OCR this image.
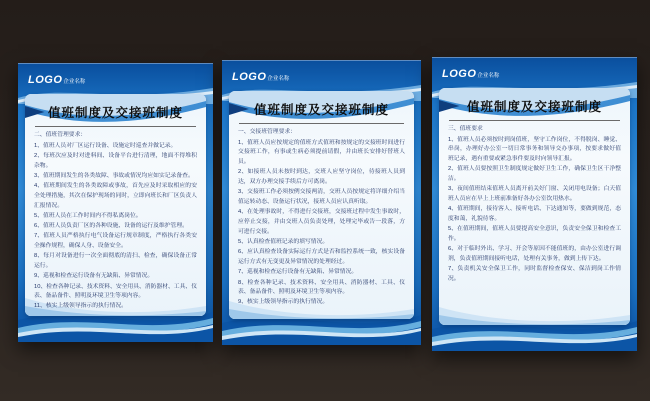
LOGO企业名称
值班制度及交接班制度
二、值班管理要求：
1、值班人员对厂区运行设备、设施定时巡查并做记录。
2、每班次应及时对进料间、设备平台进行清理，地面不得堆积杂物。
3、值班期间发生的各类故障、事故或情况均应如实记录备查。
4、值班期间发生的各类故障或事故，首先应及时采取相应的安全处理措施，其次在保护现场的同时，立即向班长和厂区负责人汇报情况。
5、值班人员在工作时间内不得私离岗位。
6、值班人员负责厂区的各种设施、设备的运行及维护管理。
7、值班人员严格执行电气设备运行规章制度，严格执行各类安全操作规程，确保人身、设备安全。
8、每月对设备进行一次全面彻底的清扫、检查，确保设备正常运行。
9、巡视和检查运行设备有无缺陷、异常情况。
10、检查各种记录、技术资料、安全用具、消防器材、工具、仪表、备品备件、照明及环境卫生等项内容。
11、核实上级领导指示的执行情况。
LOGO企业名称
值班制度及交接班制度
一、交接班管理要求：
1、值班人员应按规定的值班方式值班和按规定的交接班时间进行交接班工作，有事或生病必须提前请假，并由班长安排好替班人员。
2、如接班人员未按时到达，交班人应坚守岗位，待接班人员到达，双方办理交接手续后方可离岗。
3、交接班工作必须按例交接两清，交班人员按规定将详细介绍当值运转动态、设备运行状况，接班人员应认真听取。
4、在处理事故时，不得进行交接班，交接班过程中发生事故时，应停止交接，并由交班人员负责处理，处理完毕或告一段落，方可进行交接。
5、认真检查值班记录的填写情况。
6、应认真检查设备实际运行方式是否和监控系统一致，核实设备运行方式有无变更及异常情况的处理经过。
7、巡视和检查运行设备有无缺陷、异常情况。
8、检查各种记录、技术资料、安全用具、消防器材、工具、仪表、备品备件、照明及环境卫生等项内容。
9、核实上级领导指示的执行情况。
LOGO企业名称
值班制度及交接班制度
三、值班要求
1、值班人员必须按时到岗值班，坚守工作岗位，不得脱岗、睡觉、串岗，办理好办公室一切日常事务和领导交办事项，按要求做好值班记录，遇有重要或紧急事件要及时向领导汇报。
2、值班人员要按照卫生制度规定做好卫生工作，确保卫生区干净整洁。
3、夜间值班结束值班人员离开前关好门窗、关闭用电设备；白天值班人员应在早上上班前准备好各办公室饮用热水。
4、值班期间，接待客人、接听电话、下达通知等，要做到规范，态度和蔼，礼貌待客。
5、在值班期间，值班人员要提高安全意识，负责安全保卫和检查工作。
6、对于临时外出、学习、开会等原因不能值班的，由办公室进行调剂，负责值班期间接听电话，处理有关事务，做到上传下达。
7、负责机关安全保卫工作，同时监督检查保安、保洁到岗工作情况。
